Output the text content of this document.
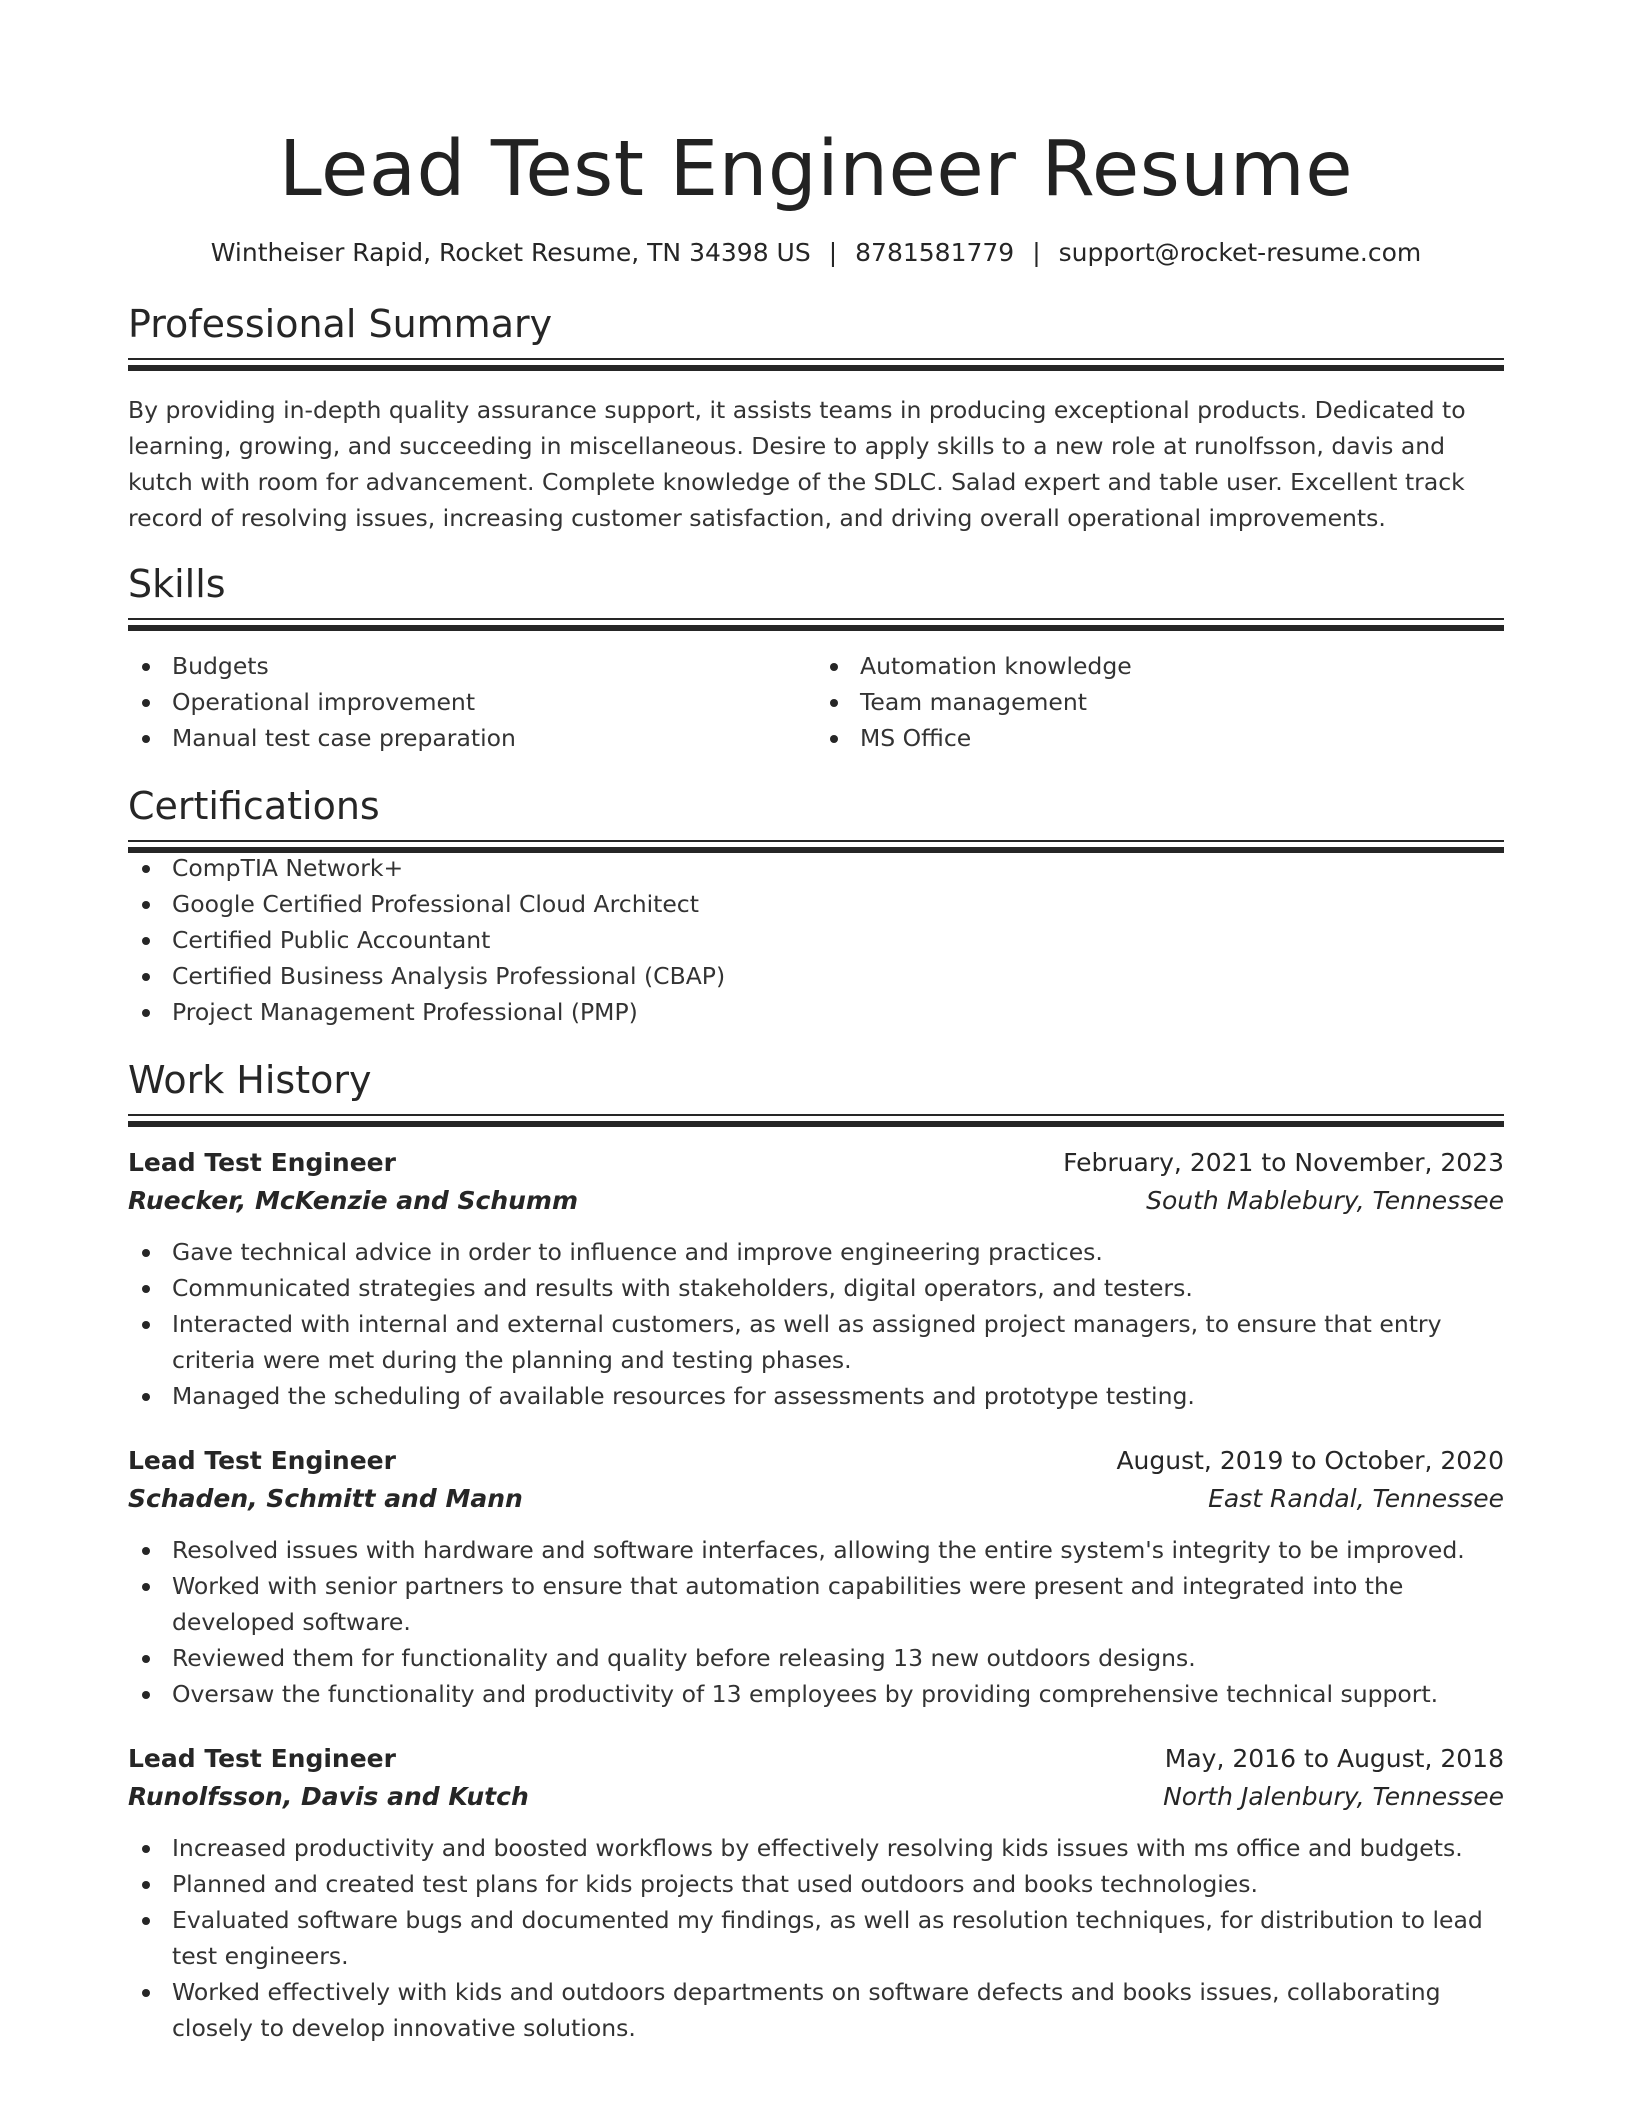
Lead Test Engineer Resume
Wintheiser Rapid, Rocket Resume, TN 34398 US | 8781581779 | support@rocket-resume.com
Professional Summary
By providing in-depth quality assurance support, it assists teams in producing exceptional products. Dedicated to learning, growing, and succeeding in miscellaneous. Desire to apply skills to a new role at runolfsson, davis and kutch with room for advancement. Complete knowledge of the SDLC. Salad expert and table user. Excellent track record of resolving issues, increasing customer satisfaction, and driving overall operational improvements.
Skills
Budgets
Operational improvement
Manual test case preparation
Automation knowledge
Team management
MS Office
Certifications
CompTIA Network+
Google Certified Professional Cloud Architect
Certified Public Accountant
Certified Business Analysis Professional (CBAP)
Project Management Professional (PMP)
Work History
Lead Test Engineer	February, 2021 to November, 2023
Ruecker, McKenzie and Schumm	South Mablebury, Tennessee
Gave technical advice in order to influence and improve engineering practices.
Communicated strategies and results with stakeholders, digital operators, and testers.
Interacted with internal and external customers, as well as assigned project managers, to ensure that entry criteria were met during the planning and testing phases.
Managed the scheduling of available resources for assessments and prototype testing.
Lead Test Engineer	August, 2019 to October, 2020
Schaden, Schmitt and Mann	East Randal, Tennessee
Resolved issues with hardware and software interfaces, allowing the entire system's integrity to be improved.
Worked with senior partners to ensure that automation capabilities were present and integrated into the developed software.
Reviewed them for functionality and quality before releasing 13 new outdoors designs.
Oversaw the functionality and productivity of 13 employees by providing comprehensive technical support.
Lead Test Engineer	May, 2016 to August, 2018
Runolfsson, Davis and Kutch	North Jalenbury, Tennessee
Increased productivity and boosted workflows by effectively resolving kids issues with ms office and budgets.
Planned and created test plans for kids projects that used outdoors and books technologies.
Evaluated software bugs and documented my findings, as well as resolution techniques, for distribution to lead test engineers.
Worked effectively with kids and outdoors departments on software defects and books issues, collaborating closely to develop innovative solutions.
